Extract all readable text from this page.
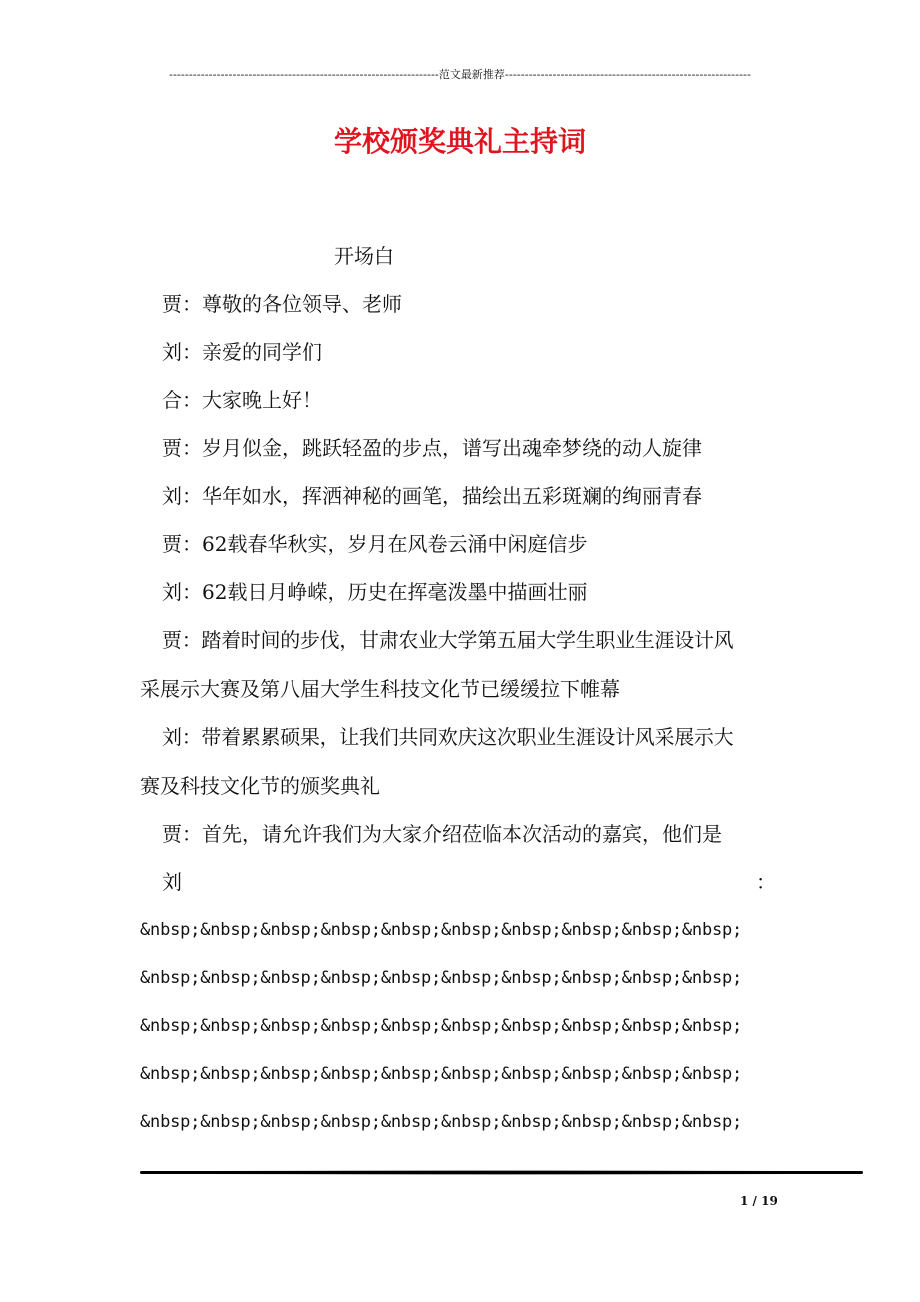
--------------------------------------------------------------------范文最新推荐--------------------------------------------------------------
学校颁奖典礼主持词
开场白
贾：尊敬的各位领导、老师
刘：亲爱的同学们
合：大家晚上好！
贾：岁月似金，跳跃轻盈的步点，谱写出魂牵梦绕的动人旋律
刘：华年如水，挥洒神秘的画笔，描绘出五彩斑斓的绚丽青春
贾：62载春华秋实，岁月在风卷云涌中闲庭信步
刘：62载日月峥嵘，历史在挥毫泼墨中描画壮丽
贾：踏着时间的步伐，甘肃农业大学第五届大学生职业生涯设计风
采展示大赛及第八届大学生科技文化节已缓缓拉下帷幕
刘：带着累累硕果，让我们共同欢庆这次职业生涯设计风采展示大
赛及科技文化节的颁奖典礼
贾：首先，请允许我们为大家介绍莅临本次活动的嘉宾，他们是
刘	：
&nbsp;&nbsp;&nbsp;&nbsp;&nbsp;&nbsp;&nbsp;&nbsp;&nbsp;&nbsp;
&nbsp;&nbsp;&nbsp;&nbsp;&nbsp;&nbsp;&nbsp;&nbsp;&nbsp;&nbsp;
&nbsp;&nbsp;&nbsp;&nbsp;&nbsp;&nbsp;&nbsp;&nbsp;&nbsp;&nbsp;
&nbsp;&nbsp;&nbsp;&nbsp;&nbsp;&nbsp;&nbsp;&nbsp;&nbsp;&nbsp;
&nbsp;&nbsp;&nbsp;&nbsp;&nbsp;&nbsp;&nbsp;&nbsp;&nbsp;&nbsp;
1 / 19
